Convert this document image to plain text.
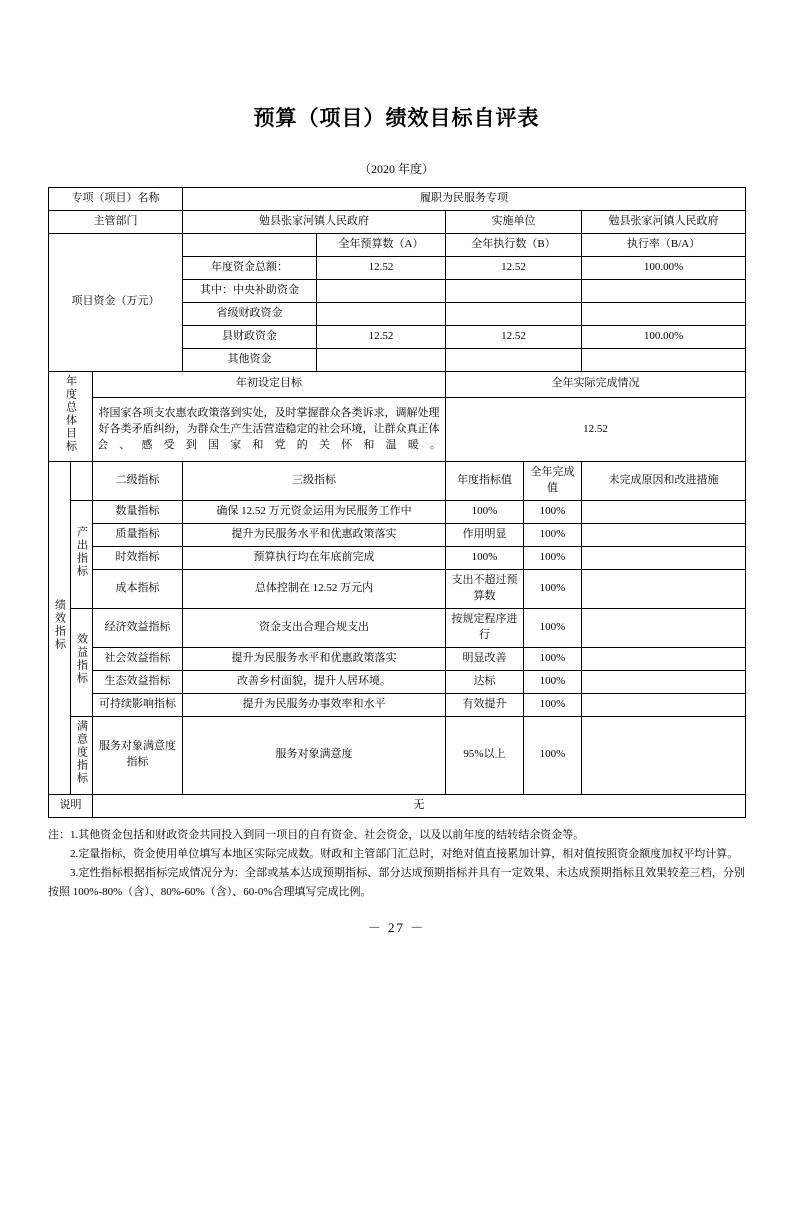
预算（项目）绩效目标自评表
（2020 年度）
专项（项目）名称			履职为民服务专项				
主管部门			勉县张家河镇人民政府		实施单位		勉县张家河镇人民政府
项目资金（万元）				全年预算数（A）	全年执行数（B）		执行率（B/A）
			年度资金总额：	12.52	12.52		100.00%
			其中：中央补助资金				
			省级财政资金				
			县财政资金	12.52	12.52		100.00%
			其他资金				
年度总体目标		年初设定目标			全年实际完成情况		
		将国家各项支农惠农政策落到实处，及时掌握群众各类诉求，调解处理好各类矛盾纠纷，为群众生产生活营造稳定的社会环境，让群众真正体会、感受到国家和党的关怀和温暖。			12.52		
绩效指标		二级指标	三级指标		年度指标值	全年完成值	未完成原因和改进措施
	产出指标	数量指标	确保 12.52 万元资金运用为民服务工作中		100%	100%	
		质量指标	提升为民服务水平和优惠政策落实		作用明显	100%	
		时效指标	预算执行均在年底前完成		100%	100%	
		成本指标	总体控制在 12.52 万元内		支出不超过预算数	100%	
	效益指标	经济效益指标	资金支出合理合规支出		按规定程序进行	100%	
		社会效益指标	提升为民服务水平和优惠政策落实		明显改善	100%	
		生态效益指标	改善乡村面貌，提升人居环境。		达标	100%	
		可持续影响指标	提升为民服务办事效率和水平		有效提升	100%	
	满意度指标	服务对象满意度指标	服务对象满意度		95%以上	100%	
说明		无					

注：1.其他资金包括和财政资金共同投入到同一项目的自有资金、社会资金，以及以前年度的结转结余资金等。

2.定量指标，资金使用单位填写本地区实际完成数。财政和主管部门汇总时，对绝对值直接累加计算，相对值按照资金额度加权平均计算。

3.定性指标根据指标完成情况分为：全部或基本达成预期指标、部分达成预期指标并具有一定效果、未达成预期指标且效果较差三档，分别按照 100%-80%（含）、80%-60%（含）、60-0%合理填写完成比例。

－ 27 －
